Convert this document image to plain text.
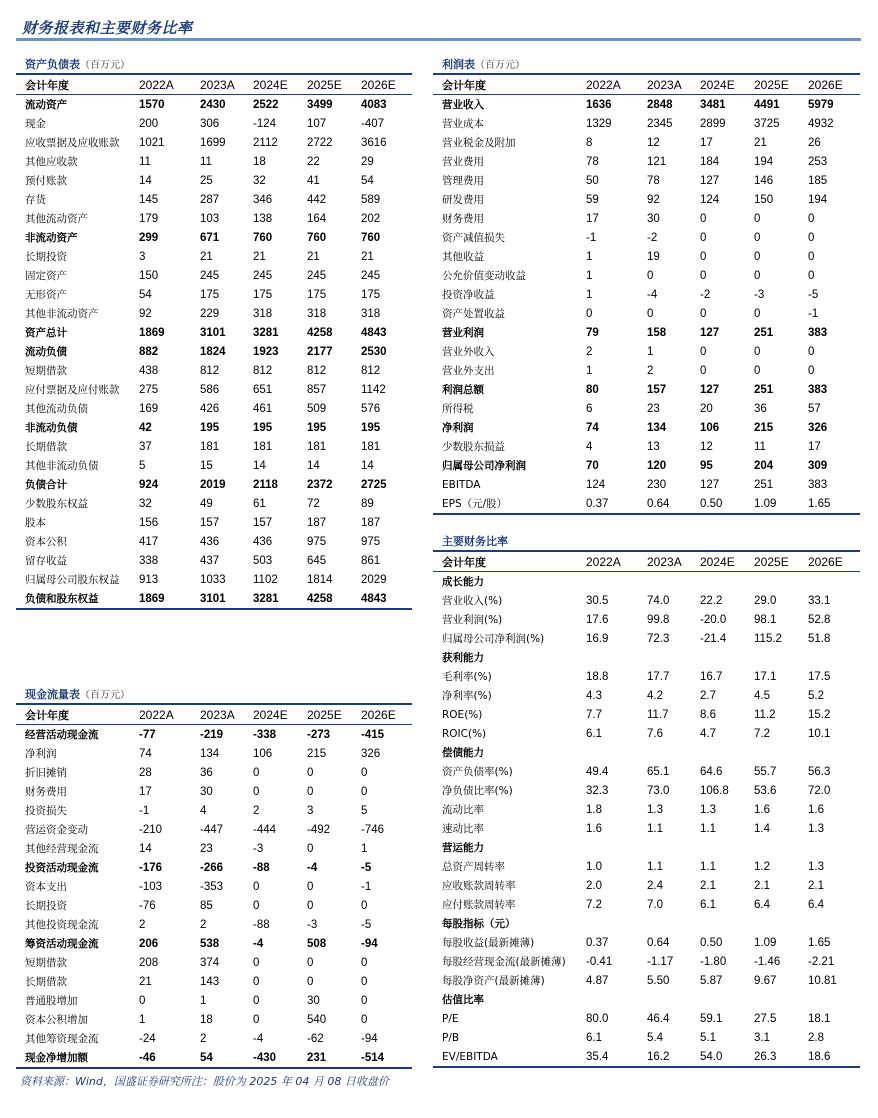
财务报表和主要财务比率
资产负债表（百万元）
会计年度	2022A	2023A	2024E	2025E	2026E
流动资产	1570	2430	2522	3499	4083
现金	200	306	-124	107	-407
应收票据及应收账款	1021	1699	2112	2722	3616
其他应收款	11	11	18	22	29
预付账款	14	25	32	41	54
存货	145	287	346	442	589
其他流动资产	179	103	138	164	202
非流动资产	299	671	760	760	760
长期投资	3	21	21	21	21
固定资产	150	245	245	245	245
无形资产	54	175	175	175	175
其他非流动资产	92	229	318	318	318
资产总计	1869	3101	3281	4258	4843
流动负债	882	1824	1923	2177	2530
短期借款	438	812	812	812	812
应付票据及应付账款	275	586	651	857	1142
其他流动负债	169	426	461	509	576
非流动负债	42	195	195	195	195
长期借款	37	181	181	181	181
其他非流动负债	5	15	14	14	14
负债合计	924	2019	2118	2372	2725
少数股东权益	32	49	61	72	89
股本	156	157	157	187	187
资本公积	417	436	436	975	975
留存收益	338	437	503	645	861
归属母公司股东权益	913	1033	1102	1814	2029
负债和股东权益	1869	3101	3281	4258	4843
利润表（百万元）
会计年度	2022A	2023A	2024E	2025E	2026E
营业收入	1636	2848	3481	4491	5979
营业成本	1329	2345	2899	3725	4932
营业税金及附加	8	12	17	21	26
营业费用	78	121	184	194	253
管理费用	50	78	127	146	185
研发费用	59	92	124	150	194
财务费用	17	30	0	0	0
资产减值损失	-1	-2	0	0	0
其他收益	1	19	0	0	0
公允价值变动收益	1	0	0	0	0
投资净收益	1	-4	-2	-3	-5
资产处置收益	0	0	0	0	-1
营业利润	79	158	127	251	383
营业外收入	2	1	0	0	0
营业外支出	1	2	0	0	0
利润总额	80	157	127	251	383
所得税	6	23	20	36	57
净利润	74	134	106	215	326
少数股东损益	4	13	12	11	17
归属母公司净利润	70	120	95	204	309
EBITDA	124	230	127	251	383
EPS（元/股）	0.37	0.64	0.50	1.09	1.65
主要财务比率
会计年度	2022A	2023A	2024E	2025E	2026E
成长能力					
营业收入(%)	30.5	74.0	22.2	29.0	33.1
营业利润(%)	17.6	99.8	-20.0	98.1	52.8
归属母公司净利润(%)	16.9	72.3	-21.4	115.2	51.8
获利能力					
毛利率(%)	18.8	17.7	16.7	17.1	17.5
净利率(%)	4.3	4.2	2.7	4.5	5.2
ROE(%)	7.7	11.7	8.6	11.2	15.2
ROIC(%)	6.1	7.6	4.7	7.2	10.1
偿债能力					
资产负债率(%)	49.4	65.1	64.6	55.7	56.3
净负债比率(%)	32.3	73.0	106.8	53.6	72.0
流动比率	1.8	1.3	1.3	1.6	1.6
速动比率	1.6	1.1	1.1	1.4	1.3
营运能力					
总资产周转率	1.0	1.1	1.1	1.2	1.3
应收账款周转率	2.0	2.4	2.1	2.1	2.1
应付账款周转率	7.2	7.0	6.1	6.4	6.4
每股指标（元）					
每股收益(最新摊薄)	0.37	0.64	0.50	1.09	1.65
每股经营现金流(最新摊薄)	-0.41	-1.17	-1.80	-1.46	-2.21
每股净资产(最新摊薄)	4.87	5.50	5.87	9.67	10.81
估值比率					
P/E	80.0	46.4	59.1	27.5	18.1
P/B	6.1	5.4	5.1	3.1	2.8
EV/EBITDA	35.4	16.2	54.0	26.3	18.6
现金流量表（百万元）
会计年度	2022A	2023A	2024E	2025E	2026E
经营活动现金流	-77	-219	-338	-273	-415
净利润	74	134	106	215	326
折旧摊销	28	36	0	0	0
财务费用	17	30	0	0	0
投资损失	-1	4	2	3	5
营运资金变动	-210	-447	-444	-492	-746
其他经营现金流	14	23	-3	0	1
投资活动现金流	-176	-266	-88	-4	-5
资本支出	-103	-353	0	0	-1
长期投资	-76	85	0	0	0
其他投资现金流	2	2	-88	-3	-5
筹资活动现金流	206	538	-4	508	-94
短期借款	208	374	0	0	0
长期借款	21	143	0	0	0
普通股增加	0	1	0	30	0
资本公积增加	1	18	0	540	0
其他筹资现金流	-24	2	-4	-62	-94
现金净增加额	-46	54	-430	231	-514
资料来源：Wind，国盛证券研究所注：股价为 2025 年 04 月 08 日收盘价
